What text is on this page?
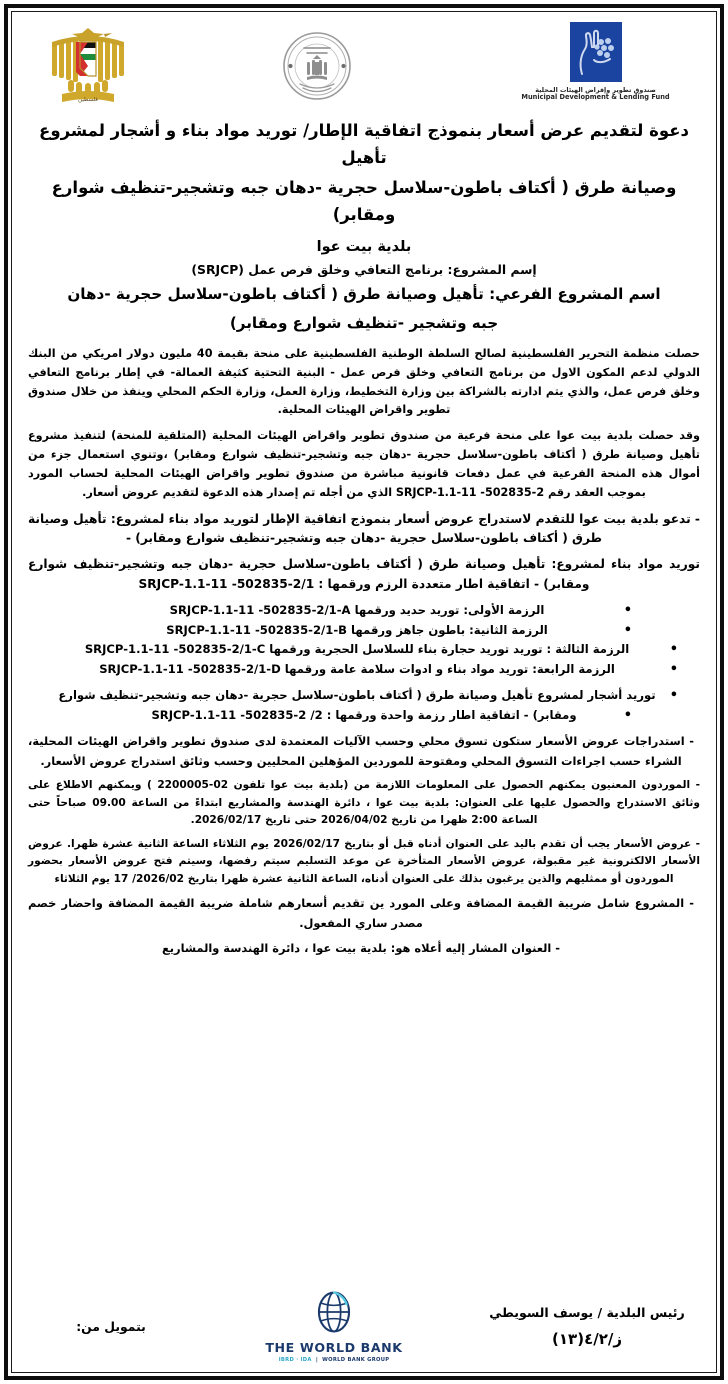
فلسطين
صندوق تطوير وإقراض الهيئات المحلية
Municipal Development & Lending Fund
دعوة لتقديم عرض أسعار بنموذج اتفاقية الإطار/ توريد مواد بناء و أشجار لمشروع تأهيل
وصيانة طرق ( أكتاف باطون-سلاسل حجرية -دهان جبه وتشجير-تنظيف شوارع ومقابر)
بلدية بيت عوا
إسم المشروع: برنامج التعافي وخلق فرص عمل (SRJCP)
اسم المشروع الفرعي: تأهيل وصيانة طرق ( أكتاف باطون-سلاسل حجرية -دهان
جبه وتشجير -تنظيف شوارع ومقابر)
حصلت منظمة التحرير الفلسطينية لصالح السلطة الوطنية الفلسطينية على منحة بقيمة 40 مليون دولار امريكي من البنك الدولي لدعم المكون الاول من برنامج التعافي وخلق فرص عمل - البنية التحتية كثيفة العمالة- في إطار برنامج التعافي وخلق فرص عمل، والذي يتم ادارته بالشراكة بين وزارة التخطيط، وزارة العمل، وزارة الحكم المحلي وينفذ من خلال صندوق تطوير واقراض الهيئات المحلية.
وقد حصلت بلدية بيت عوا على منحة فرعية من صندوق تطوير واقراض الهيئات المحلية (المتلقية للمنحة) لتنفيذ مشروع تأهيل وصيانة طرق ( أكتاف باطون-سلاسل حجرية -دهان جبه وتشجير-تنظيف شوارع ومقابر) ،وتنوي استعمال جزء من أموال هذه المنحة الفرعية في عمل دفعات قانونية مباشرة من صندوق تطوير واقراض الهيئات المحلية لحساب المورد بموجب العقد رقم 2-502835- SRJCP-1.1-11 الذي من أجله تم إصدار هذه الدعوة لتقديم عروض أسعار.
- تدعو بلدية بيت عوا للتقدم لاستدراج عروض أسعار بنموذج اتفاقية الإطار لتوريد مواد بناء لمشروع: تأهيل وصيانة طرق ( أكتاف باطون-سلاسل حجرية -دهان جبه وتشجير-تنظيف شوارع ومقابر) -
توريد مواد بناء لمشروع: تأهيل وصيانة طرق ( أكتاف باطون-سلاسل حجرية -دهان جبه وتشجير-تنظيف شوارع ومقابر) - اتفاقية اطار متعددة الرزم ورقمها : SRJCP-1.1-11 -502835-2/1
• الرزمة الأولى: توريد حديد ورقمها SRJCP-1.1-11 -502835-2/1-A
• الرزمة الثانية: باطون جاهز ورقمها SRJCP-1.1-11 -502835-2/1-B
• الرزمة الثالثة : توريد توريد حجارة بناء للسلاسل الحجرية ورقمها SRJCP-1.1-11 -502835-2/1-C
• الرزمة الرابعة: توريد مواد بناء و ادوات سلامة عامة ورقمها SRJCP-1.1-11 -502835-2/1-D
• توريد أشجار لمشروع تأهيل وصيانة طرق ( أكتاف باطون-سلاسل حجرية -دهان جبه وتشجير-تنظيف شوارع
• ومقابر) - اتفاقية اطار رزمة واحدة ورقمها : 2/ 2-502835- SRJCP-1.1-11
- استدراجات عروض الأسعار ستكون تسوق محلي وحسب الآليات المعتمدة لدى صندوق تطوير واقراض الهيئات المحلية، الشراء حسب اجراءات التسوق المحلي ومفتوحة للموردين المؤهلين المحليين وحسب وثائق استدراج عروض الأسعار.
- الموردون المعنيون يمكنهم الحصول على المعلومات اللازمة من (بلدية بيت عوا تلفون 02-2200005 ) ويمكنهم الاطلاع على وثائق الاستدراج والحصول عليها على العنوان: بلدية بيت عوا ، دائرة الهندسة والمشاريع ابتداءً من الساعة 09.00 صباحاً حتى الساعة 2:00 ظهرا من تاريخ 2026/04/02 حتى تاريخ 2026/02/17.
- عروض الأسعار يجب أن تقدم باليد على العنوان أدناه قبل أو بتاريخ 2026/02/17 يوم الثلاثاء الساعة الثانية عشرة ظهرا. عروض الأسعار الالكترونية غير مقبولة، عروض الأسعار المتأخرة عن موعد التسليم سيتم رفضها، وسيتم فتح عروض الأسعار بحضور الموردون أو ممثليهم والذين يرغبون بذلك على العنوان أدناه، الساعة الثانية عشرة ظهرا بتاريخ 2026/02/ 17 يوم الثلاثاء
- المشروع شامل ضريبة القيمة المضافة وعلى المورد ين تقديم أسعارهم شاملة ضريبة القيمة المضافة واحضار خصم مصدر ساري المفعول.
- العنوان المشار إليه أعلاه هو: بلدية بيت عوا ، دائرة الهندسة والمشاريع
رئيس البلدية / يوسف السويطي
ز/٤/٢(١٣)
THE WORLD BANK
IBRD · IDA | WORLD BANK GROUP
بتمويل من:
